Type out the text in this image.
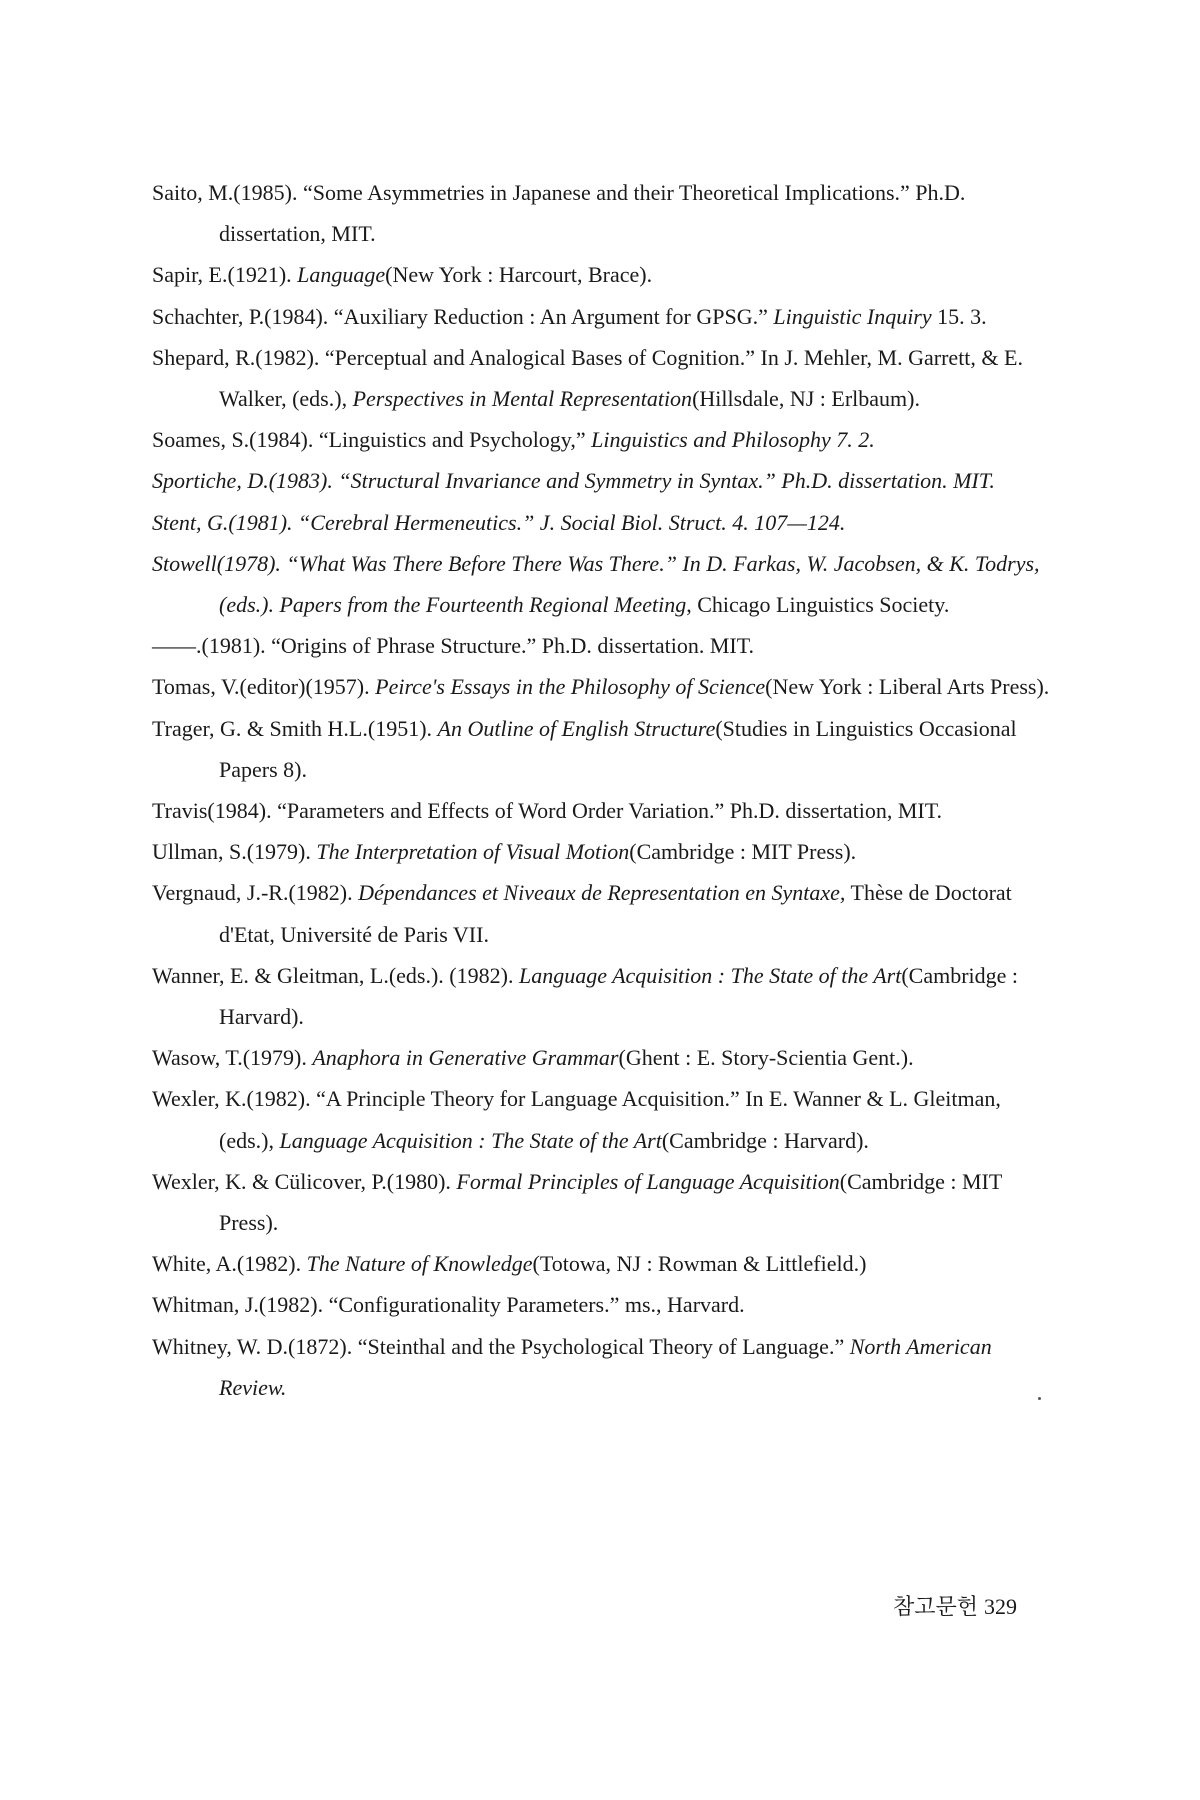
Saito, M.(1985). “Some Asymmetries in Japanese and their Theoretical Implications.” Ph.D. dissertation, MIT.
Sapir, E.(1921). Language(New York : Harcourt, Brace).
Schachter, P.(1984). “Auxiliary Reduction : An Argument for GPSG.” Linguistic Inquiry 15. 3.
Shepard, R.(1982). “Perceptual and Analogical Bases of Cognition.” In J. Mehler, M. Garrett, & E. Walker, (eds.), Perspectives in Mental Representation(Hillsdale, NJ : Erlbaum).
Soames, S.(1984). “Linguistics and Psychology,” Linguistics and Philosophy 7. 2.
Sportiche, D.(1983). “Structural Invariance and Symmetry in Syntax.” Ph.D. dissertation. MIT.
Stent, G.(1981). “Cerebral Hermeneutics.” J. Social Biol. Struct. 4. 107—124.
Stowell(1978). “What Was There Before There Was There.” In D. Farkas, W. Jacobsen, & K. Todrys, (eds.). Papers from the Fourteenth Regional Meeting, Chicago Linguistics Society.
——.(1981). “Origins of Phrase Structure.” Ph.D. dissertation. MIT.
Tomas, V.(editor)(1957). Peirce's Essays in the Philosophy of Science(New York : Liberal Arts Press).
Trager, G. & Smith H.L.(1951). An Outline of English Structure(Studies in Linguistics Occasional Papers 8).
Travis(1984). “Parameters and Effects of Word Order Variation.” Ph.D. dissertation, MIT.
Ullman, S.(1979). The Interpretation of Visual Motion(Cambridge : MIT Press).
Vergnaud, J.-R.(1982). Dépendances et Niveaux de Representation en Syntaxe, Thèse de Doctorat d'Etat, Université de Paris VII.
Wanner, E. & Gleitman, L.(eds.). (1982). Language Acquisition : The State of the Art(Cambridge : Harvard).
Wasow, T.(1979). Anaphora in Generative Grammar(Ghent : E. Story-Scientia Gent.).
Wexler, K.(1982). “A Principle Theory for Language Acquisition.” In E. Wanner & L. Gleitman, (eds.), Language Acquisition : The State of the Art(Cambridge : Harvard).
Wexler, K. & Cülicover, P.(1980). Formal Principles of Language Acquisition(Cambridge : MIT Press).
White, A.(1982). The Nature of Knowledge(Totowa, NJ : Rowman & Littlefield.)
Whitman, J.(1982). “Configurationality Parameters.” ms., Harvard.
Whitney, W. D.(1872). “Steinthal and the Psychological Theory of Language.” North American Review.
참고문헌 329
